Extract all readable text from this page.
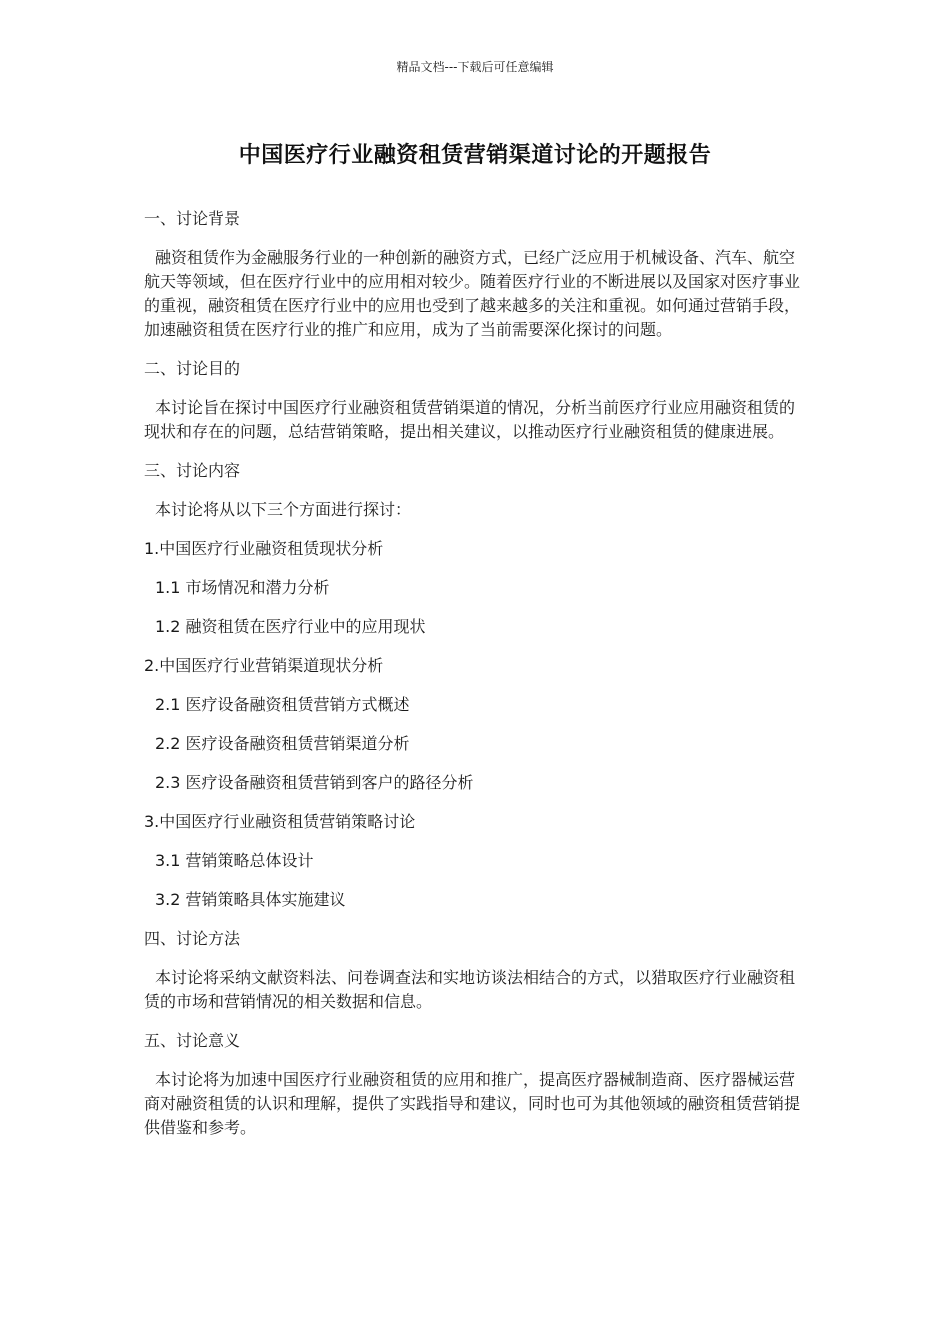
精品文档---下载后可任意编辑
中国医疗行业融资租赁营销渠道讨论的开题报告
一、讨论背景
融资租赁作为金融服务行业的一种创新的融资方式，已经广泛应用于机械设备、汽车、航空航天等领域，但在医疗行业中的应用相对较少。随着医疗行业的不断进展以及国家对医疗事业的重视，融资租赁在医疗行业中的应用也受到了越来越多的关注和重视。如何通过营销手段，加速融资租赁在医疗行业的推广和应用，成为了当前需要深化探讨的问题。
二、讨论目的
本讨论旨在探讨中国医疗行业融资租赁营销渠道的情况，分析当前医疗行业应用融资租赁的现状和存在的问题，总结营销策略，提出相关建议，以推动医疗行业融资租赁的健康进展。
三、讨论内容
本讨论将从以下三个方面进行探讨：
1.中国医疗行业融资租赁现状分析
1.1 市场情况和潜力分析
1.2 融资租赁在医疗行业中的应用现状
2.中国医疗行业营销渠道现状分析
2.1 医疗设备融资租赁营销方式概述
2.2 医疗设备融资租赁营销渠道分析
2.3 医疗设备融资租赁营销到客户的路径分析
3.中国医疗行业融资租赁营销策略讨论
3.1 营销策略总体设计
3.2 营销策略具体实施建议
四、讨论方法
本讨论将采纳文献资料法、问卷调查法和实地访谈法相结合的方式，以猎取医疗行业融资租赁的市场和营销情况的相关数据和信息。
五、讨论意义
本讨论将为加速中国医疗行业融资租赁的应用和推广，提高医疗器械制造商、医疗器械运营商对融资租赁的认识和理解，提供了实践指导和建议，同时也可为其他领域的融资租赁营销提供借鉴和参考。
